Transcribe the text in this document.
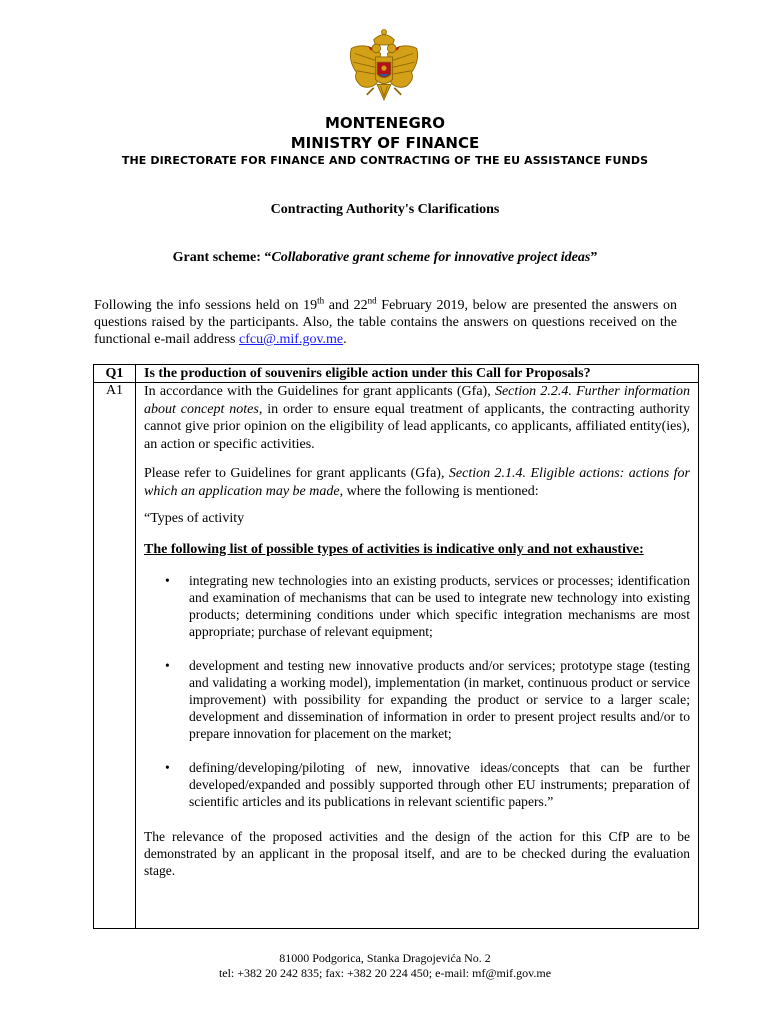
MONTENEGRO
MINISTRY OF FINANCE
THE DIRECTORATE FOR FINANCE AND CONTRACTING OF THE EU ASSISTANCE FUNDS
Contracting Authority's Clarifications
Grant scheme: “Collaborative grant scheme for innovative project ideas”
Following the info sessions held on 19th and 22nd February 2019, below are presented the answers on questions raised by the participants. Also, the table contains the answers on questions received on the functional e-mail address cfcu@.mif.gov.me.
Q1	Is the production of souvenirs eligible action under this Call for Proposals?
A1	In accordance with the Guidelines for grant applicants (Gfa), Section 2.2.4. Further information about concept notes, in order to ensure equal treatment of applicants, the contracting authority cannot give prior opinion on the eligibility of lead applicants, co applicants, affiliated entity(ies), an action or specific activities.

Please refer to Guidelines for grant applicants (Gfa), Section 2.1.4. Eligible actions: actions for which an application may be made, where the following is mentioned:

“Types of activity

The following list of possible types of activities is indicative only and not exhaustive:

• integrating new technologies into an existing products, services or processes; identification and examination of mechanisms that can be used to integrate new technology into existing products; determining conditions under which specific integration mechanisms are most appropriate; purchase of relevant equipment;
• development and testing new innovative products and/or services; prototype stage (testing and validating a working model), implementation (in market, continuous product or service improvement) with possibility for expanding the product or service to a larger scale; development and dissemination of information in order to present project results and/or to prepare innovation for placement on the market;
• defining/developing/piloting of new, innovative ideas/concepts that can be further developed/expanded and possibly supported through other EU instruments; preparation of scientific articles and its publications in relevant scientific papers.”

The relevance of the proposed activities and the design of the action for this CfP are to be demonstrated by an applicant in the proposal itself, and are to be checked during the evaluation stage.

81000 Podgorica, Stanka Dragojevića No. 2
tel: +382 20 242 835; fax: +382 20 224 450; e-mail: mf@mif.gov.me
